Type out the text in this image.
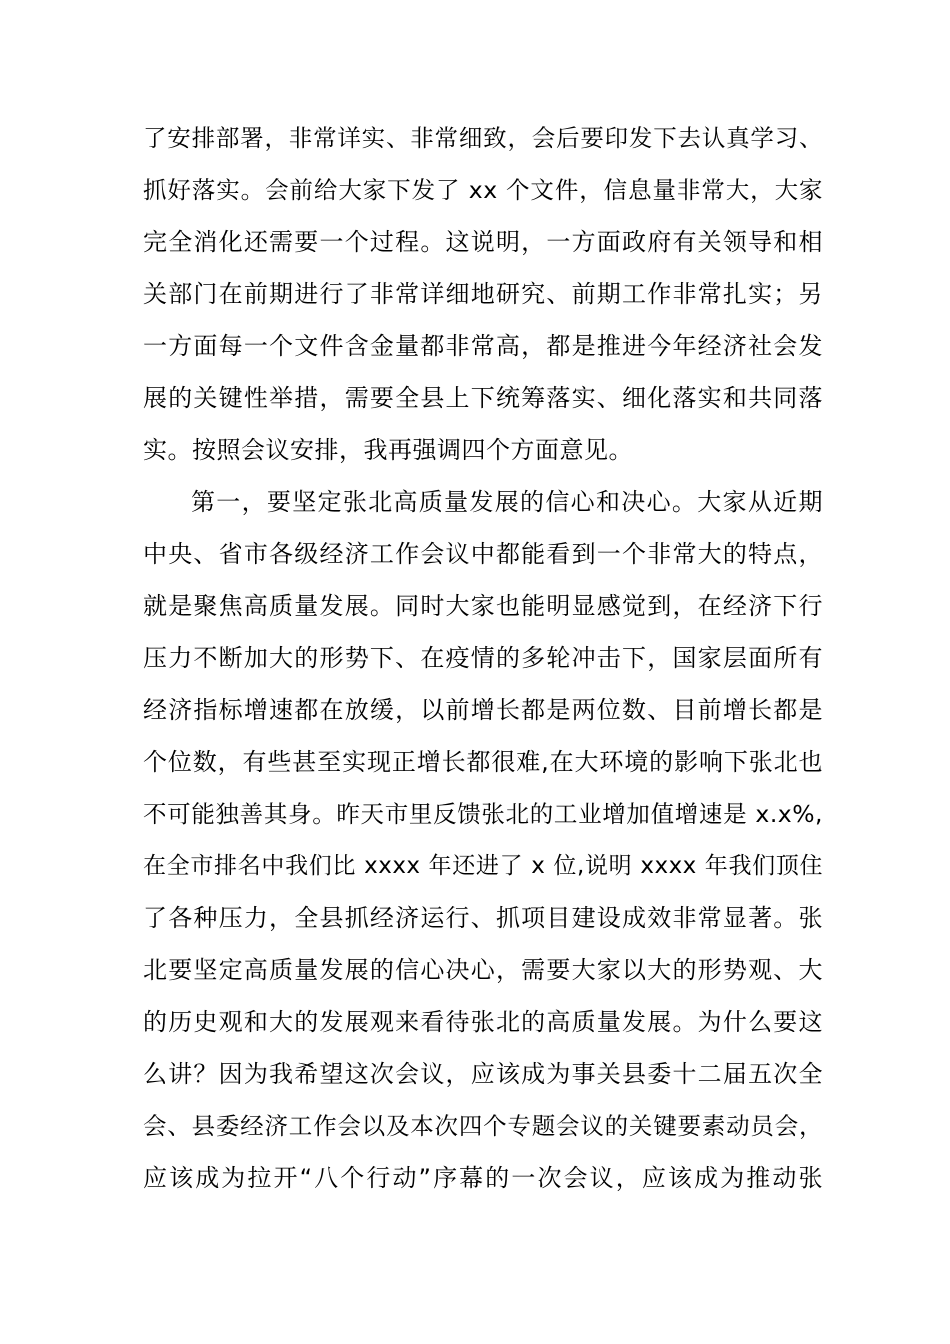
了安排部署，非常详实、非常细致，会后要印发下去认真学习、
抓好落实。会前给大家下发了 xx 个文件，信息量非常大，大家
完全消化还需要一个过程。这说明，一方面政府有关领导和相
关部门在前期进行了非常详细地研究、前期工作非常扎实；另
一方面每一个文件含金量都非常高，都是推进今年经济社会发
展的关键性举措，需要全县上下统筹落实、细化落实和共同落
实。按照会议安排，我再强调四个方面意见。
第一，要坚定张北高质量发展的信心和决心。大家从近期
中央、省市各级经济工作会议中都能看到一个非常大的特点，
就是聚焦高质量发展。同时大家也能明显感觉到，在经济下行
压力不断加大的形势下、在疫情的多轮冲击下，国家层面所有
经济指标增速都在放缓，以前增长都是两位数、目前增长都是
个位数，有些甚至实现正增长都很难,在大环境的影响下张北也
不可能独善其身。昨天市里反馈张北的工业增加值增速是 x.x%,
在全市排名中我们比 xxxx 年还进了 x 位,说明 xxxx 年我们顶住
了各种压力，全县抓经济运行、抓项目建设成效非常显著。张
北要坚定高质量发展的信心决心，需要大家以大的形势观、大
的历史观和大的发展观来看待张北的高质量发展。为什么要这
么讲？因为我希望这次会议，应该成为事关县委十二届五次全
会、县委经济工作会以及本次四个专题会议的关键要素动员会，
应该成为拉开“八个行动”序幕的一次会议，应该成为推动张
